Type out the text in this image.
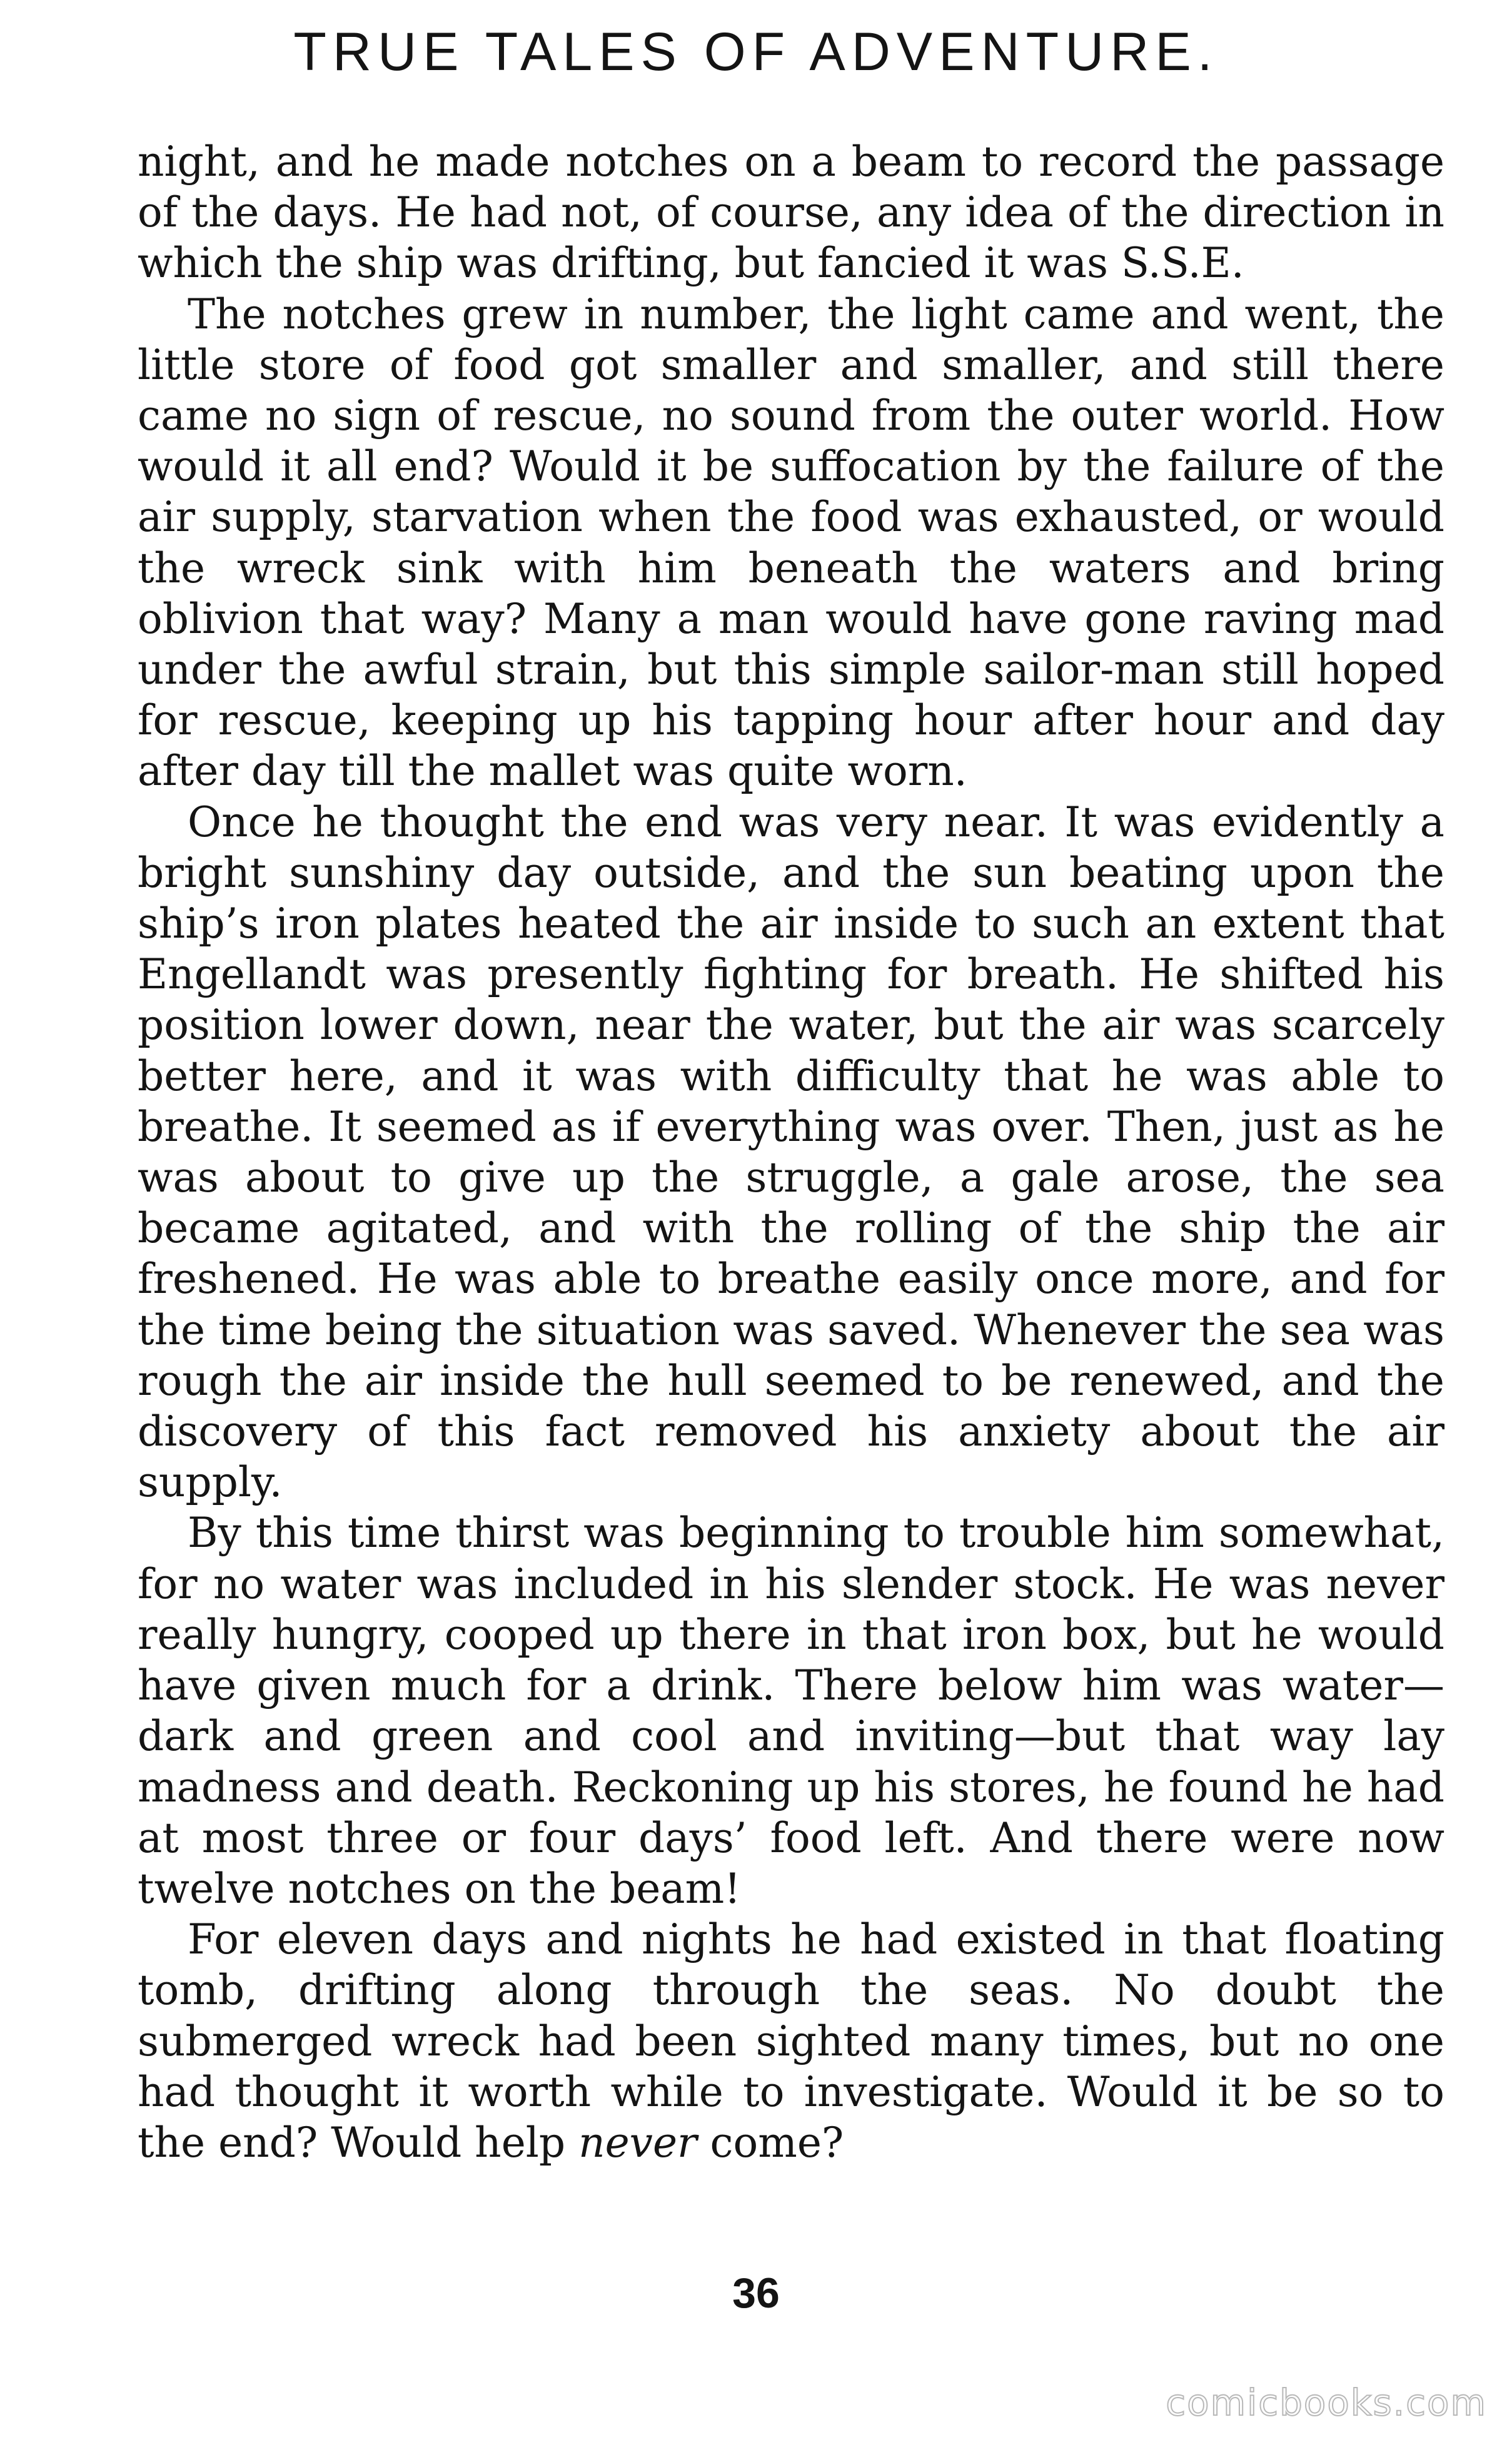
TRUE TALES OF ADVENTURE.

night, and he made notches on a beam to record the passage of the days. He had not, of course, any idea of the direction in which the ship was drifting, but fancied it was S.S.E.

The notches grew in number, the light came and went, the little store of food got smaller and smaller, and still there came no sign of rescue, no sound from the outer world. How would it all end? Would it be suffocation by the failure of the air supply, starvation when the food was exhausted, or would the wreck sink with him beneath the waters and bring oblivion that way? Many a man would have gone raving mad under the awful strain, but this simple sailor-man still hoped for rescue, keeping up his tapping hour after hour and day after day till the mallet was quite worn.

Once he thought the end was very near. It was evidently a bright sunshiny day outside, and the sun beating upon the ship’s iron plates heated the air inside to such an extent that Engellandt was presently fighting for breath. He shifted his position lower down, near the water, but the air was scarcely better here, and it was with difficulty that he was able to breathe. It seemed as if everything was over. Then, just as he was about to give up the struggle, a gale arose, the sea became agitated, and with the rolling of the ship the air freshened. He was able to breathe easily once more, and for the time being the situation was saved. Whenever the sea was rough the air inside the hull seemed to be renewed, and the discovery of this fact removed his anxiety about the air supply.

By this time thirst was beginning to trouble him somewhat, for no water was included in his slender stock. He was never really hungry, cooped up there in that iron box, but he would have given much for a drink. There below him was water—dark and green and cool and inviting—but that way lay madness and death. Reckoning up his stores, he found he had at most three or four days’ food left. And there were now twelve notches on the beam!

For eleven days and nights he had existed in that floating tomb, drifting along through the seas. No doubt the submerged wreck had been sighted many times, but no one had thought it worth while to investigate. Would it be so to the end? Would help never come?

36
comicbooks.com
